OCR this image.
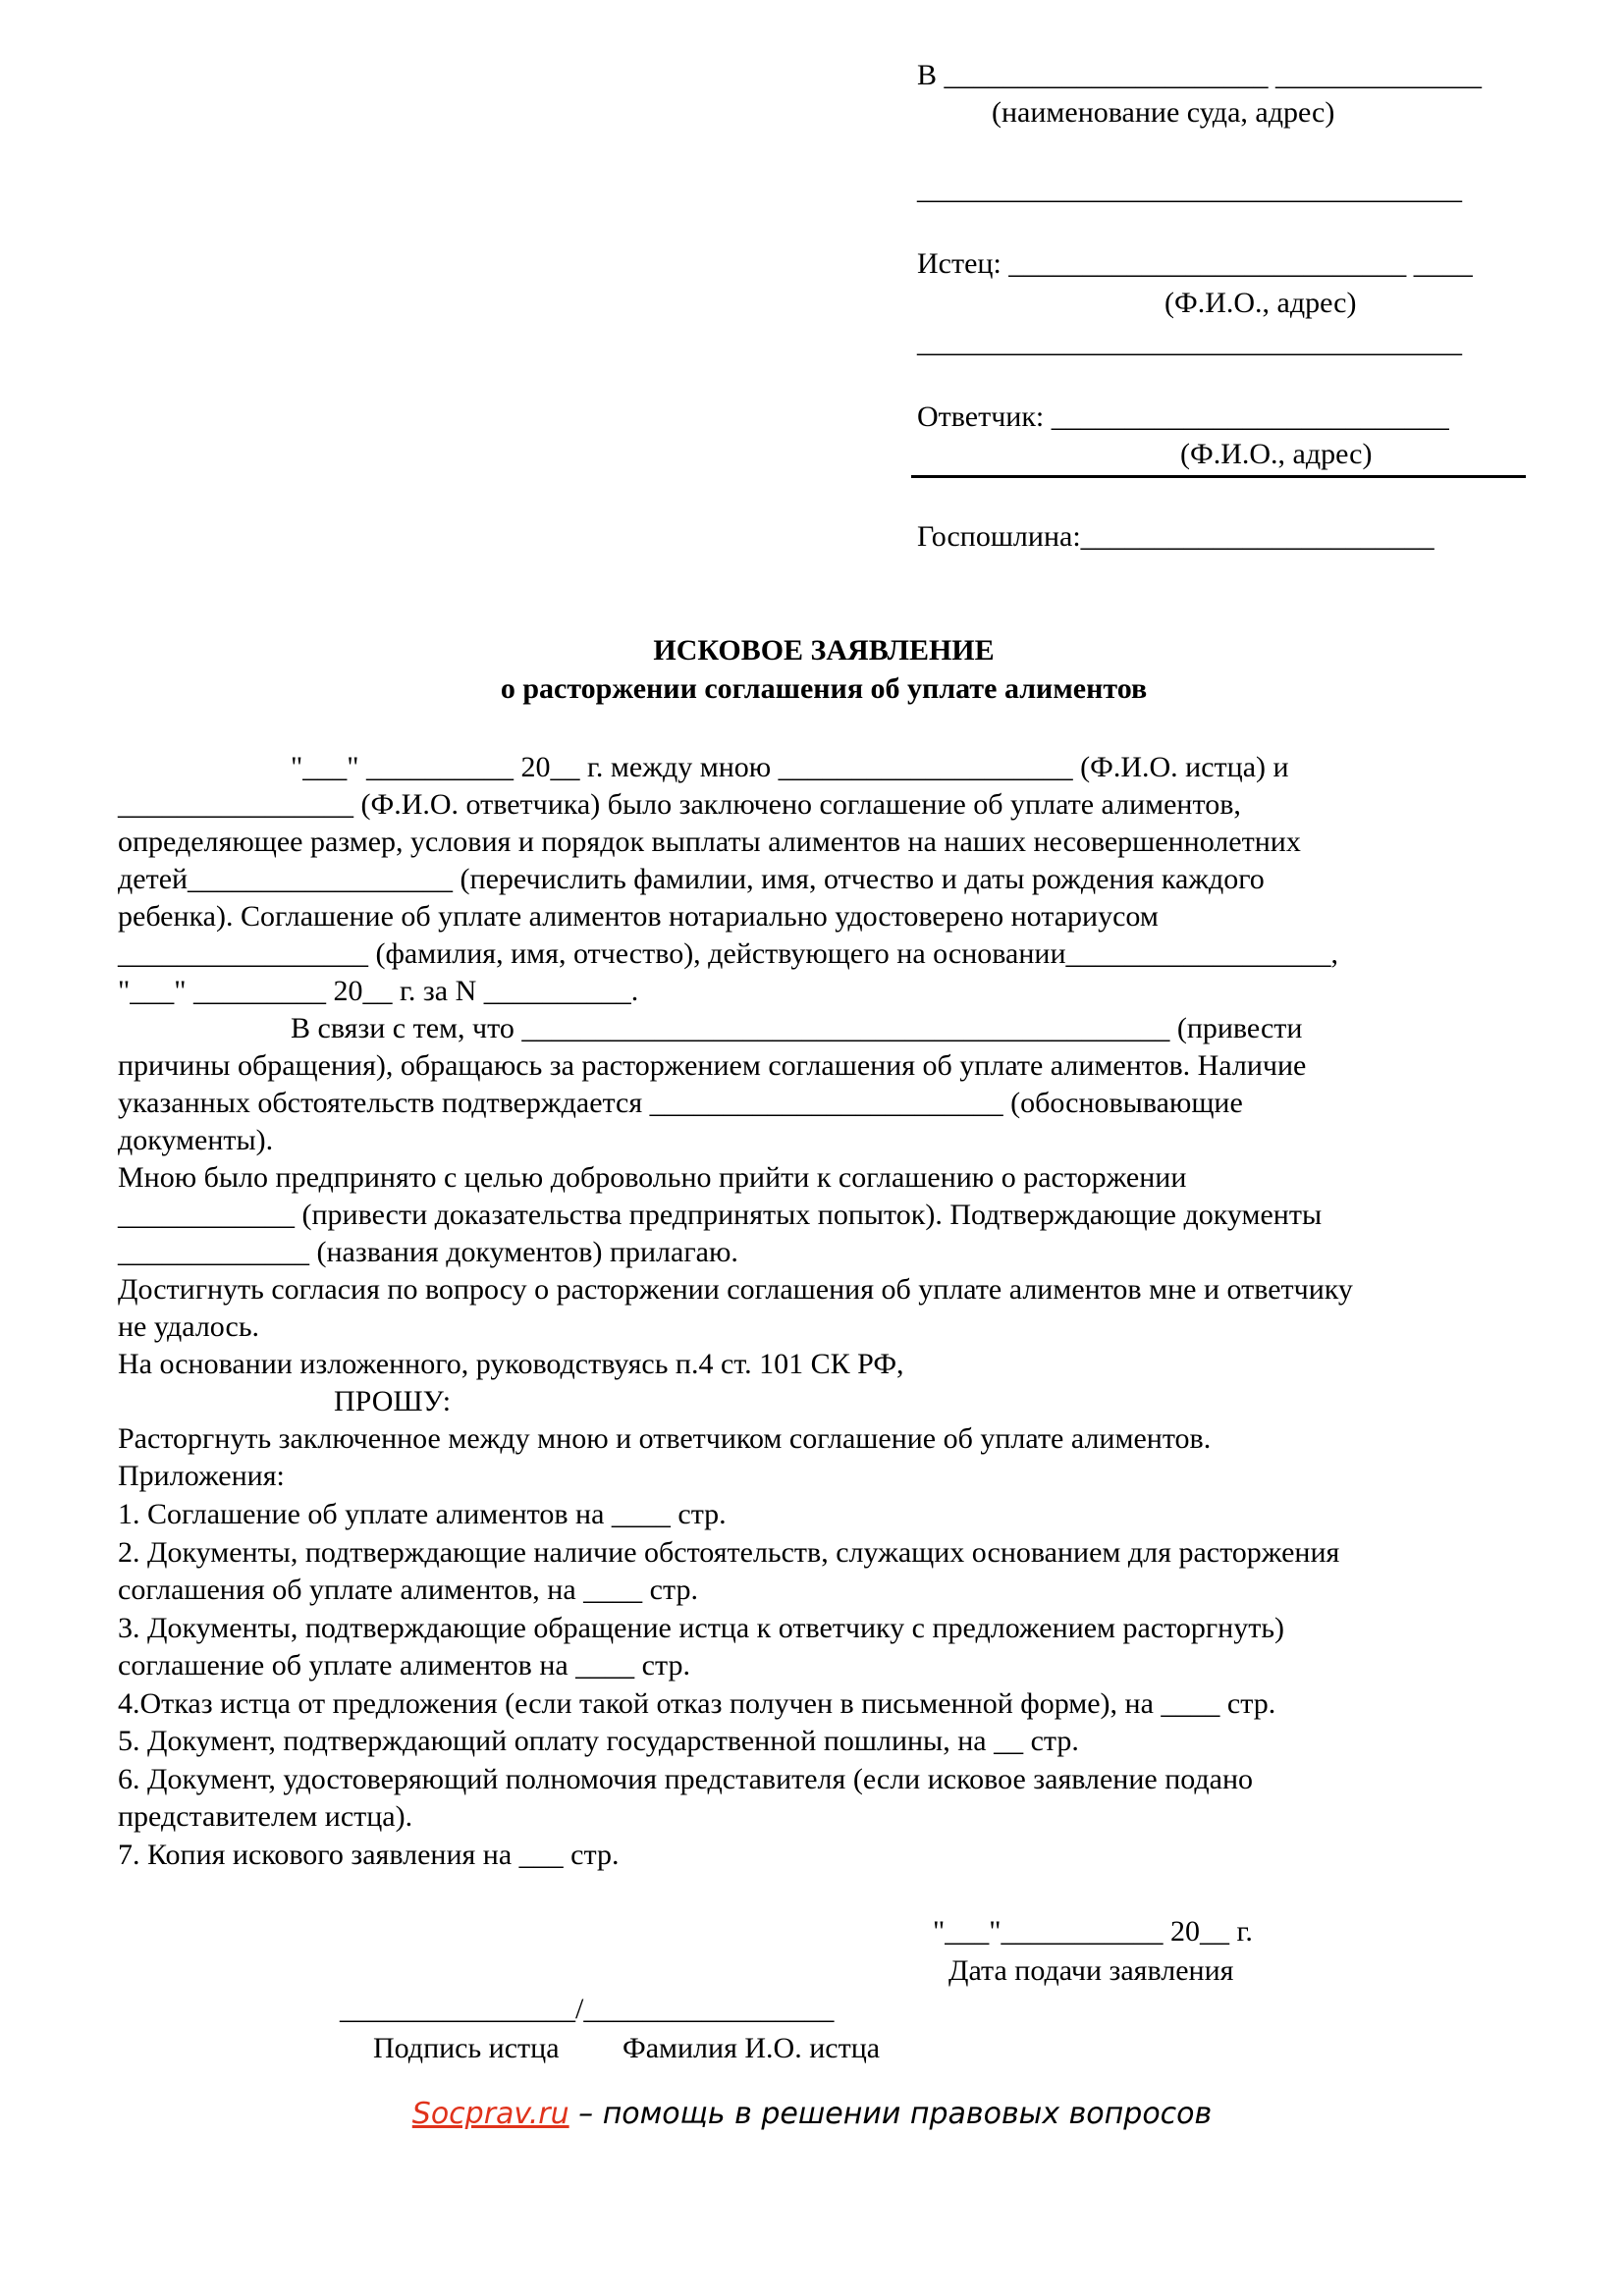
В ______________________ ______________

(наименование суда, адрес)

_____________________________________

Истец: ___________________________ ____

(Ф.И.О., адрес)

_____________________________________

Ответчик: ___________________________

(Ф.И.О., адрес)

Госпошлина:________________________

ИСКОВОЕ ЗАЯВЛЕНИЕ

о расторжении соглашения об уплате алиментов

"___" __________ 20__ г. между мною ____________________ (Ф.И.О. истца) и

________________ (Ф.И.О. ответчика) было заключено соглашение об уплате алиментов,

определяющее размер, условия и порядок выплаты алиментов на наших несовершеннолетних

детей__________________ (перечислить фамилии, имя, отчество и даты рождения каждого

ребенка). Соглашение об уплате алиментов нотариально удостоверено нотариусом

_________________ (фамилия, имя, отчество), действующего на основании__________________,

"___" _________ 20__ г. за N __________.

В связи с тем, что ____________________________________________ (привести

причины обращения), обращаюсь за расторжением соглашения об уплате алиментов. Наличие

указанных обстоятельств подтверждается ________________________ (обосновывающие

документы).

Мною было предпринято с целью добровольно прийти к соглашению о расторжении

____________ (привести доказательства предпринятых попыток). Подтверждающие документы

_____________ (названия документов) прилагаю.

Достигнуть согласия по вопросу о расторжении соглашения об уплате алиментов мне и ответчику

не удалось.

На основании изложенного, руководствуясь п.4 ст. 101 СК РФ,

ПРОШУ:

Расторгнуть заключенное между мною и ответчиком соглашение об уплате алиментов.

Приложения:

1. Соглашение об уплате алиментов на ____ стр.

2. Документы, подтверждающие наличие обстоятельств, служащих основанием для расторжения

соглашения об уплате алиментов, на ____ стр.

3. Документы, подтверждающие обращение истца к ответчику с предложением расторгнуть)

соглашение об уплате алиментов на ____ стр.

4.Отказ истца от предложения (если такой отказ получен в письменной форме), на ____ стр.

5. Документ, подтверждающий оплату государственной пошлины, на __ стр.

6. Документ, удостоверяющий полномочия представителя (если исковое заявление подано

представителем истца).

7. Копия искового заявления на ___ стр.

"___"___________ 20__ г.

Дата подачи заявления

________________/_________________

Подпись истца Фамилия И.О. истца

Socprav.ru – помощь в решении правовых вопросов
